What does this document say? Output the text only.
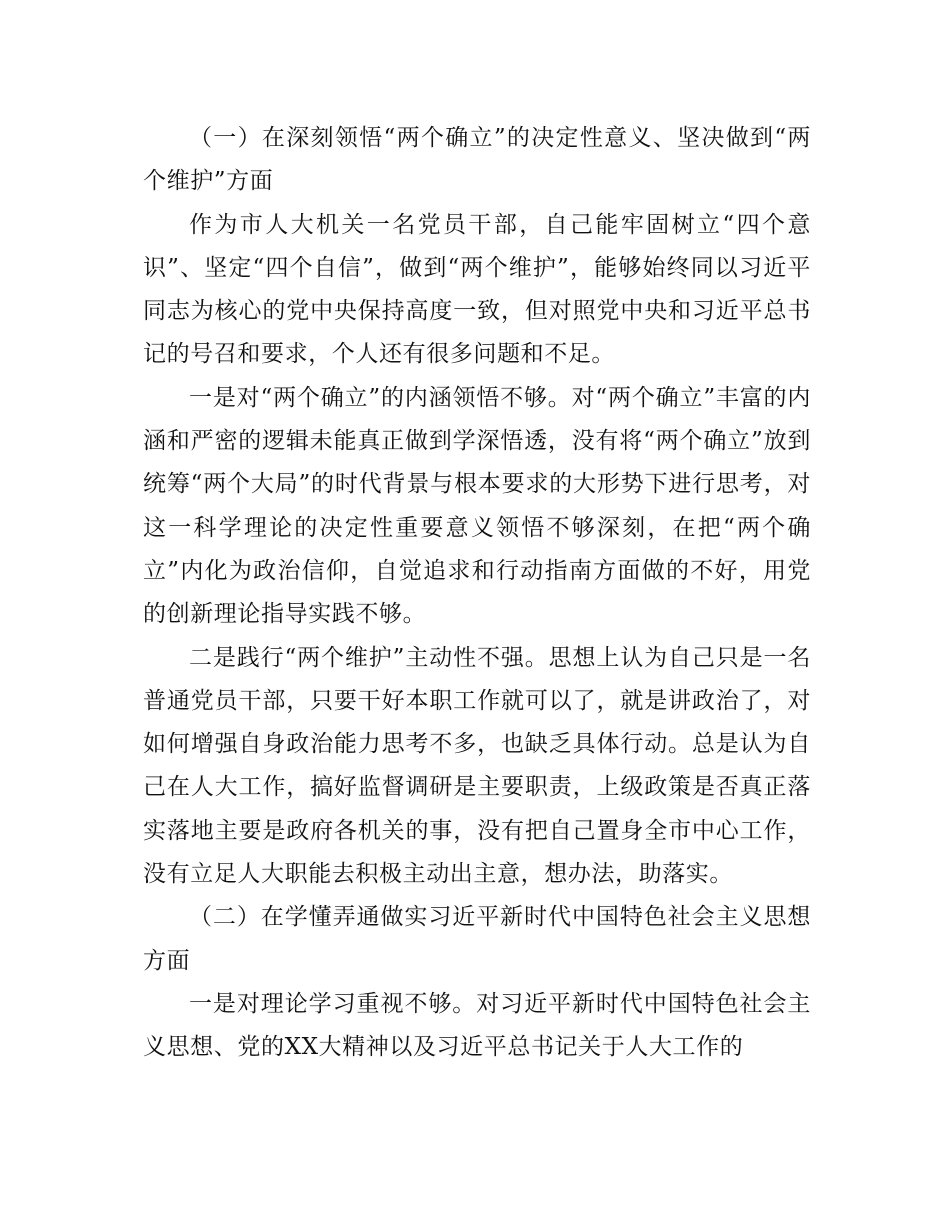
（一）在深刻领悟“两个确立”的决定性意义、坚决做到“两个维护”方面

作为市人大机关一名党员干部，自己能牢固树立“四个意识”、坚定“四个自信”，做到“两个维护”，能够始终同以习近平同志为核心的党中央保持高度一致，但对照党中央和习近平总书记的号召和要求，个人还有很多问题和不足。

一是对“两个确立”的内涵领悟不够。对“两个确立”丰富的内涵和严密的逻辑未能真正做到学深悟透，没有将“两个确立”放到统筹“两个大局”的时代背景与根本要求的大形势下进行思考，对这一科学理论的决定性重要意义领悟不够深刻，在把“两个确立”内化为政治信仰，自觉追求和行动指南方面做的不好，用党的创新理论指导实践不够。

二是践行“两个维护”主动性不强。思想上认为自己只是一名普通党员干部，只要干好本职工作就可以了，就是讲政治了，对如何增强自身政治能力思考不多，也缺乏具体行动。总是认为自己在人大工作，搞好监督调研是主要职责，上级政策是否真正落实落地主要是政府各机关的事，没有把自己置身全市中心工作，没有立足人大职能去积极主动出主意，想办法，助落实。

（二）在学懂弄通做实习近平新时代中国特色社会主义思想方面

一是对理论学习重视不够。对习近平新时代中国特色社会主义思想、党的XX大精神以及习近平总书记关于人大工作的
